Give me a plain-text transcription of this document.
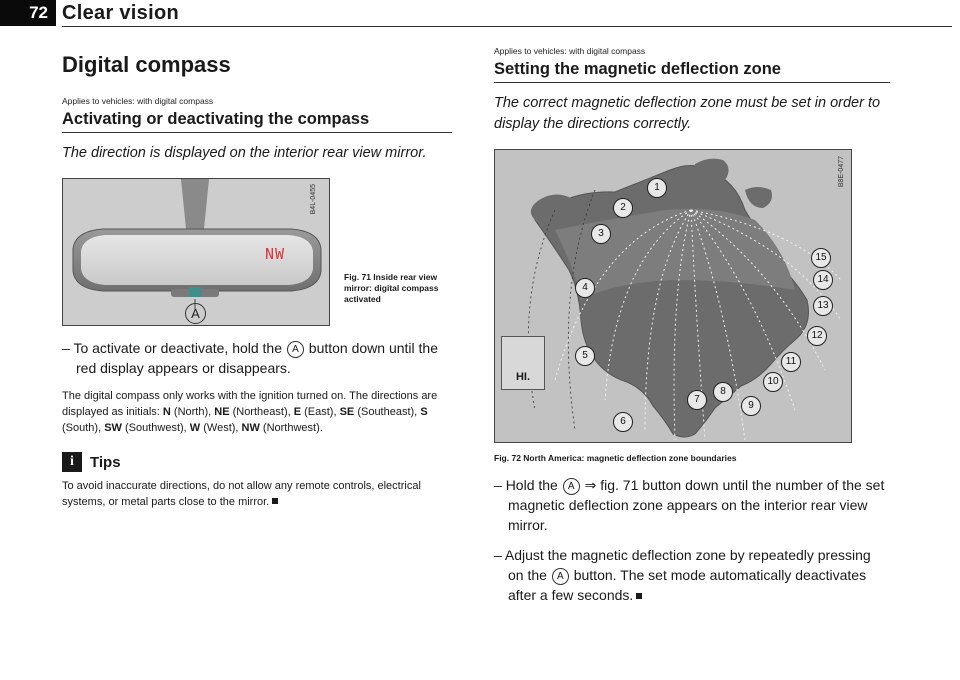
72 Clear vision
Digital compass
Applies to vehicles: with digital compass
Activating or deactivating the compass
The direction is displayed on the interior rear view mirror.
NW
A
B4L-0455
Fig. 71 Inside rear view mirror: digital compass activated
– To activate or deactivate, hold the A button down until the red display appears or disappears.
The digital compass only works with the ignition turned on. The directions are displayed as initials: N (North), NE (Northeast), E (East), SE (Southeast), S (South), SW (Southwest), W (West), NW (Northwest).
i	Tips
To avoid inaccurate directions, do not allow any remote controls, electrical systems, or metal parts close to the mirror.
Applies to vehicles: with digital compass
Setting the magnetic deflection zone
The correct magnetic deflection zone must be set in order to display the directions correctly.
B8E-0477
HI.
1
2
3
4
5
6
7
8
9
10
11
12
13
14
15
Fig. 72 North America: magnetic deflection zone boundaries
– Hold the A ⇒ fig. 71 button down until the number of the set magnetic deflection zone appears on the interior rear view mirror.
– Adjust the magnetic deflection zone by repeatedly pressing on the A button. The set mode automatically deactivates after a few seconds.
